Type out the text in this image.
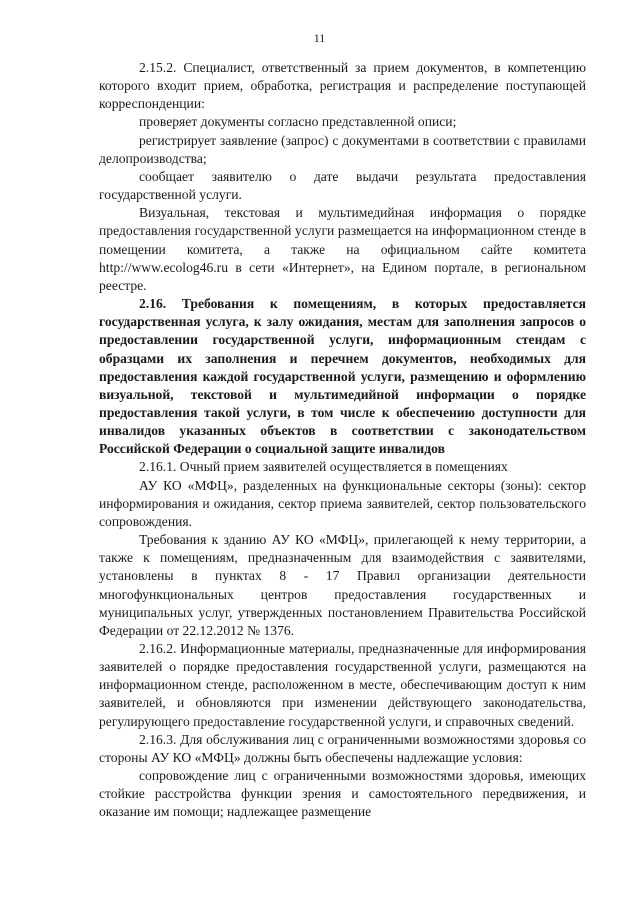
11

2.15.2. Специалист, ответственный за прием документов, в компетенцию которого входит прием, обработка, регистрация и распределение поступающей корреспонденции:

проверяет документы согласно представленной описи;

регистрирует заявление (запрос) с документами в соответствии с правилами делопроизводства;

сообщает заявителю о дате выдачи результата предоставления государственной услуги.

Визуальная, текстовая и мультимедийная информация о порядке предоставления государственной услуги размещается на информационном стенде в помещении комитета, а также на официальном сайте комитета http://www.ecolog46.ru в сети «Интернет», на Едином портале, в региональном реестре.

2.16. Требования к помещениям, в которых предоставляется государственная услуга, к залу ожидания, местам для заполнения запросов о предоставлении государственной услуги, информационным стендам с образцами их заполнения и перечнем документов, необходимых для предоставления каждой государственной услуги, размещению и оформлению визуальной, текстовой и мультимедийной информации о порядке предоставления такой услуги, в том числе к обеспечению доступности для инвалидов указанных объектов в соответствии с законодательством Российской Федерации о социальной защите инвалидов

2.16.1. Очный прием заявителей осуществляется в помещениях

АУ КО «МФЦ», разделенных на функциональные секторы (зоны): сектор информирования и ожидания, сектор приема заявителей, сектор пользовательского сопровождения.

Требования к зданию АУ КО «МФЦ», прилегающей к нему территории, а также к помещениям, предназначенным для взаимодействия с заявителями, установлены в пунктах 8 - 17 Правил организации деятельности многофункциональных центров предоставления государственных и муниципальных услуг, утвержденных постановлением Правительства Российской Федерации от 22.12.2012 № 1376.

2.16.2. Информационные материалы, предназначенные для информирования заявителей о порядке предоставления государственной услуги, размещаются на информационном стенде, расположенном в месте, обеспечивающим доступ к ним заявителей, и обновляются при изменении действующего законодательства, регулирующего предоставление государственной услуги, и справочных сведений.

2.16.3. Для обслуживания лиц с ограниченными возможностями здоровья со стороны АУ КО «МФЦ» должны быть обеспечены надлежащие условия:

сопровождение лиц с ограниченными возможностями здоровья, имеющих стойкие расстройства функции зрения и самостоятельного передвижения, и оказание им помощи; надлежащее размещение
